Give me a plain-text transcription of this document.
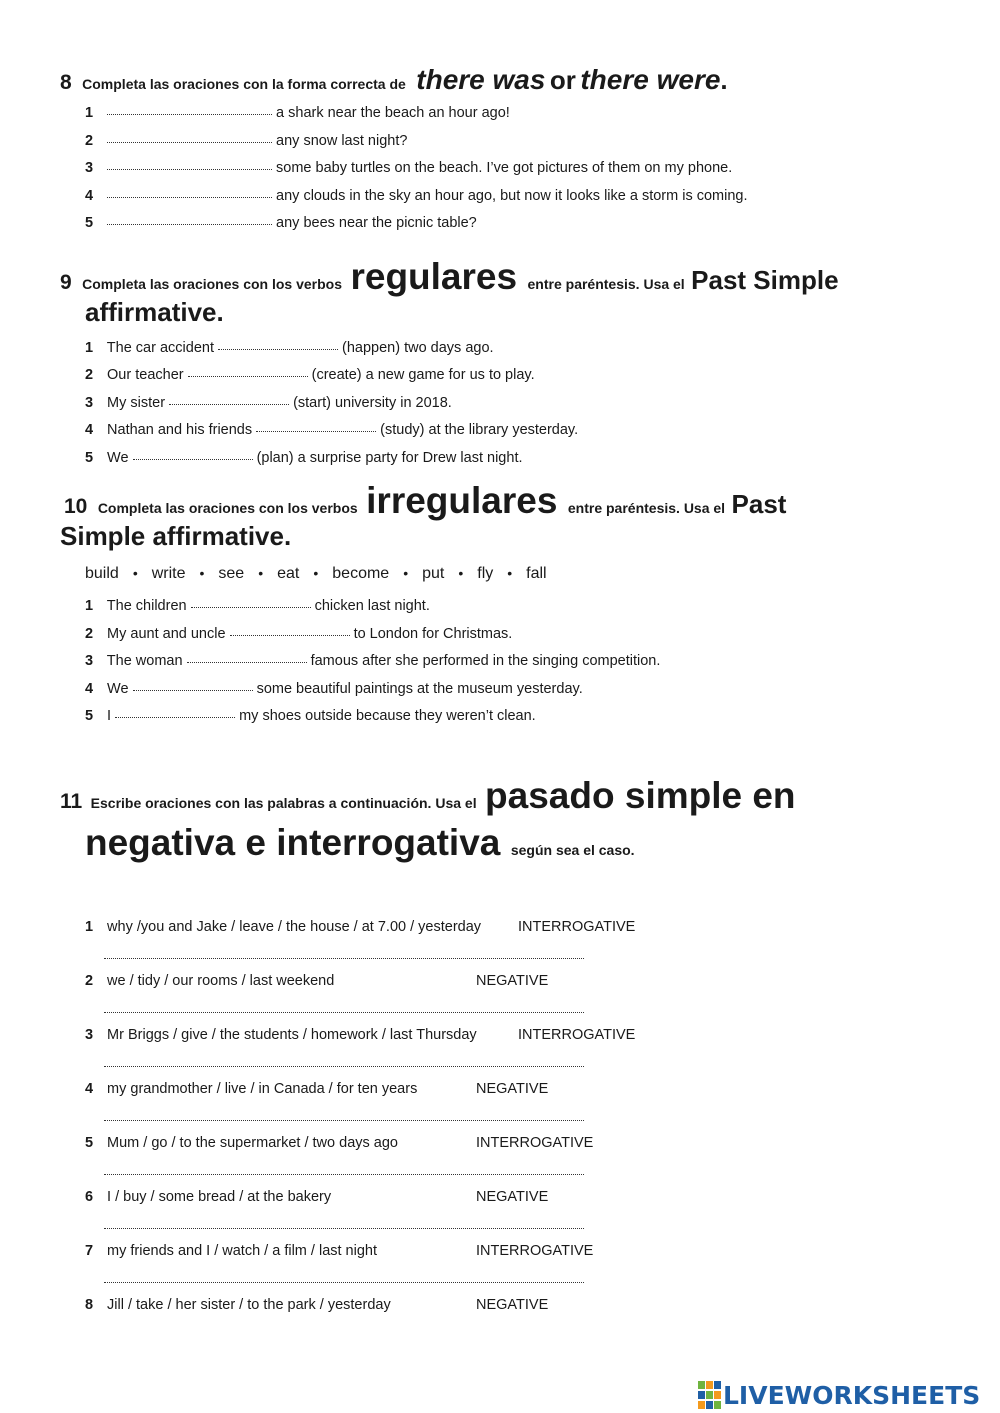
8 Completa las oraciones con la forma correcta de there was or there were.
1	a shark near the beach an hour ago!
2	any snow last night?
3	some baby turtles on the beach. I’ve got pictures of them on my phone.
4	any clouds in the sky an hour ago, but now it looks like a storm is coming.
5	any bees near the picnic table?
9 Completa las oraciones con los verbos regulares entre paréntesis. Usa el Past Simple
affirmative.
1 The car accident	(happen) two days ago.
2 Our teacher	(create) a new game for us to play.
3 My sister	(start) university in 2018.
4 Nathan and his friends	(study) at the library yesterday.
5 We	(plan) a surprise party for Drew last night.
10 Completa las oraciones con los verbos irregulares entre paréntesis. Usa el Past
Simple affirmative.
build • write • see • eat • become • put • fly • fall
1 The children	chicken last night.
2 My aunt and uncle	to London for Christmas.
3 The woman	famous after she performed in the singing competition.
4 We	some beautiful paintings at the museum yesterday.
5 I	my shoes outside because they weren’t clean.
11 Escribe oraciones con las palabras a continuación. Usa el pasado simple en
negativa e interrogativa según sea el caso.
1 why /you and Jake / leave / the house / at 7.00 / yesterday	INTERROGATIVE
2 we / tidy / our rooms / last weekend	NEGATIVE
3 Mr Briggs / give / the students / homework / last Thursday	INTERROGATIVE
4 my grandmother / live / in Canada / for ten years	NEGATIVE
5 Mum / go / to the supermarket / two days ago	INTERROGATIVE
6 I / buy / some bread / at the bakery	NEGATIVE
7 my friends and I / watch / a film / last night	INTERROGATIVE
8 Jill / take / her sister / to the park / yesterday	NEGATIVE
LIVEWORKSHEETS
